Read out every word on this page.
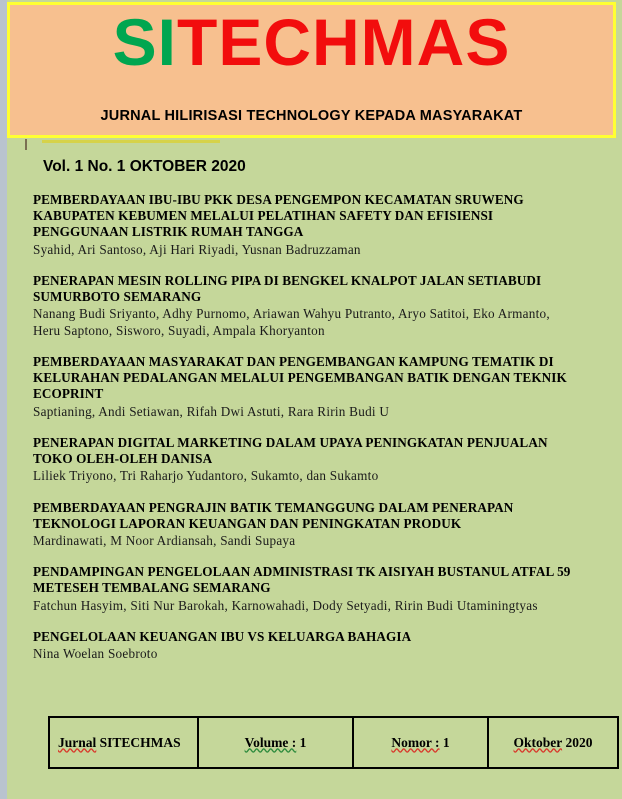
SITECHMAS
JURNAL HILIRISASI TECHNOLOGY KEPADA MASYARAKAT
Vol. 1 No. 1 OKTOBER 2020
PEMBERDAYAAN IBU-IBU PKK DESA PENGEMPON KECAMATAN SRUWENG KABUPATEN KEBUMEN MELALUI PELATIHAN SAFETY DAN EFISIENSI PENGGUNAAN LISTRIK RUMAH TANGGA
Syahid, Ari Santoso, Aji Hari Riyadi, Yusnan Badruzzaman
PENERAPAN MESIN ROLLING PIPA DI BENGKEL KNALPOT JALAN SETIABUDI SUMURBOTO SEMARANG
Nanang Budi Sriyanto, Adhy Purnomo, Ariawan Wahyu Putranto, Aryo Satitoi, Eko Armanto, Heru Saptono, Sisworo, Suyadi, Ampala Khoryanton
PEMBERDAYAAN MASYARAKAT DAN PENGEMBANGAN KAMPUNG TEMATIK DI KELURAHAN PEDALANGAN MELALUI PENGEMBANGAN BATIK DENGAN TEKNIK ECOPRINT
Saptianing, Andi Setiawan, Rifah Dwi Astuti, Rara Ririn Budi U
PENERAPAN DIGITAL MARKETING DALAM UPAYA PENINGKATAN PENJUALAN TOKO OLEH-OLEH DANISA
Liliek Triyono, Tri Raharjo Yudantoro, Sukamto, dan Sukamto
PEMBERDAYAAN PENGRAJIN BATIK TEMANGGUNG DALAM PENERAPAN TEKNOLOGI LAPORAN KEUANGAN DAN PENINGKATAN PRODUK
Mardinawati, M Noor Ardiansah, Sandi Supaya
PENDAMPINGAN PENGELOLAAN ADMINISTRASI TK AISIYAH BUSTANUL ATFAL 59 METESEH TEMBALANG SEMARANG
Fatchun Hasyim, Siti Nur Barokah, Karnowahadi, Dody Setyadi, Ririn Budi Utaminingtyas
PENGELOLAAN KEUANGAN IBU VS KELUARGA BAHAGIA
Nina Woelan Soebroto
Jurnal SITECHMAS	Volume : 1	Nomor : 1	Oktober 2020
